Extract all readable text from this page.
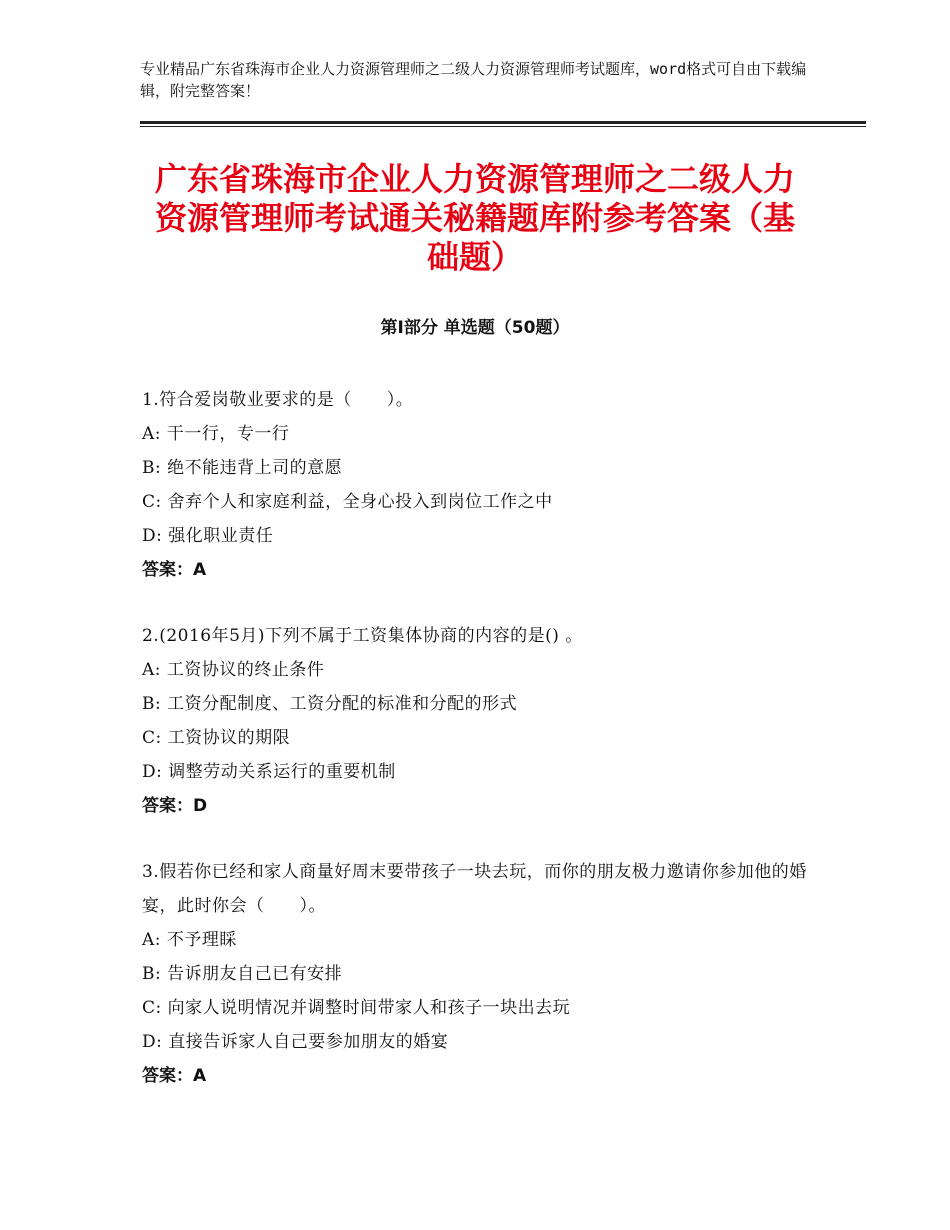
专业精品广东省珠海市企业人力资源管理师之二级人力资源管理师考试题库，word格式可自由下载编辑，附完整答案！
广东省珠海市企业人力资源管理师之二级人力资源管理师考试通关秘籍题库附参考答案（基础题）
第Ⅰ部分 单选题（50题）
1.符合爱岗敬业要求的是（　　）。
A: 干一行，专一行
B: 绝不能违背上司的意愿
C: 舍弃个人和家庭利益，全身心投入到岗位工作之中
D: 强化职业责任
答案：A
2.(2016年5月)下列不属于工资集体协商的内容的是() 。
A: 工资协议的终止条件
B: 工资分配制度、工资分配的标准和分配的形式
C: 工资协议的期限
D: 调整劳动关系运行的重要机制
答案：D
3.假若你已经和家人商量好周末要带孩子一块去玩，而你的朋友极力邀请你参加他的婚宴，此时你会（　　）。
A: 不予理睬
B: 告诉朋友自己已有安排
C: 向家人说明情况并调整时间带家人和孩子一块出去玩
D: 直接告诉家人自己要参加朋友的婚宴
答案：A
